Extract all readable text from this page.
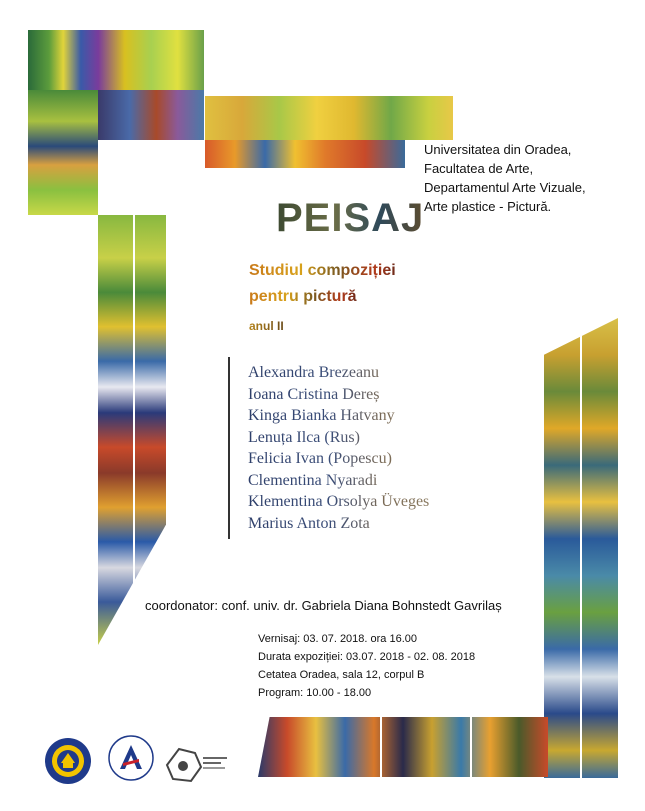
Universitatea din Oradea,
Facultatea de Arte,
Departamentul Arte Vizuale,
Arte plastice - Pictură.
PEISAJ
Studiul compoziției
pentru pictură
anul II
Alexandra Brezeanu
Ioana Cristina Dereș
Kinga Bianka Hatvany
Lenuța Ilca (Rus)
Felicia Ivan (Popescu)
Clementina Nyaradi
Klementina Orsolya Üveges
Marius Anton Zota
coordonator: conf. univ. dr. Gabriela Diana Bohnstedt Gavrilaș
Vernisaj: 03. 07. 2018. ora 16.00
Durata expoziției: 03.07. 2018 - 02. 08. 2018
Cetatea Oradea, sala 12, corpul B
Program: 10.00 - 18.00
